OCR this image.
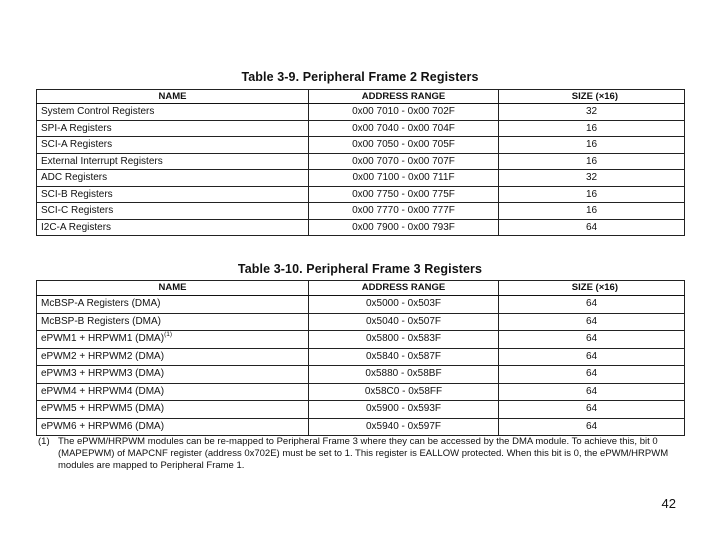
Table 3-9. Peripheral Frame 2 Registers
NAME	ADDRESS RANGE	SIZE (×16)
System Control Registers	0x00 7010 - 0x00 702F	32
SPI-A Registers	0x00 7040 - 0x00 704F	16
SCI-A Registers	0x00 7050 - 0x00 705F	16
External Interrupt Registers	0x00 7070 - 0x00 707F	16
ADC Registers	0x00 7100 - 0x00 711F	32
SCI-B Registers	0x00 7750 - 0x00 775F	16
SCI-C Registers	0x00 7770 - 0x00 777F	16
I2C-A Registers	0x00 7900 - 0x00 793F	64
Table 3-10. Peripheral Frame 3 Registers
NAME	ADDRESS RANGE	SIZE (×16)
McBSP-A Registers (DMA)	0x5000 - 0x503F	64
McBSP-B Registers (DMA)	0x5040 - 0x507F	64
ePWM1 + HRPWM1 (DMA)$^{(1)}$	0x5800 - 0x583F	64
ePWM2 + HRPWM2 (DMA)	0x5840 - 0x587F	64
ePWM3 + HRPWM3 (DMA)	0x5880 - 0x58BF	64
ePWM4 + HRPWM4 (DMA)	0x58C0 - 0x58FF	64
ePWM5 + HRPWM5 (DMA)	0x5900 - 0x593F	64
ePWM6 + HRPWM6 (DMA)	0x5940 - 0x597F	64
(1) The ePWM/HRPWM modules can be re-mapped to Peripheral Frame 3 where they can be accessed by the DMA module. To achieve this, bit 0 (MAPEPWM) of MAPCNF register (address 0x702E) must be set to 1. This register is EALLOW protected. When this bit is 0, the ePWM/HRPWM modules are mapped to Peripheral Frame 1.
42
